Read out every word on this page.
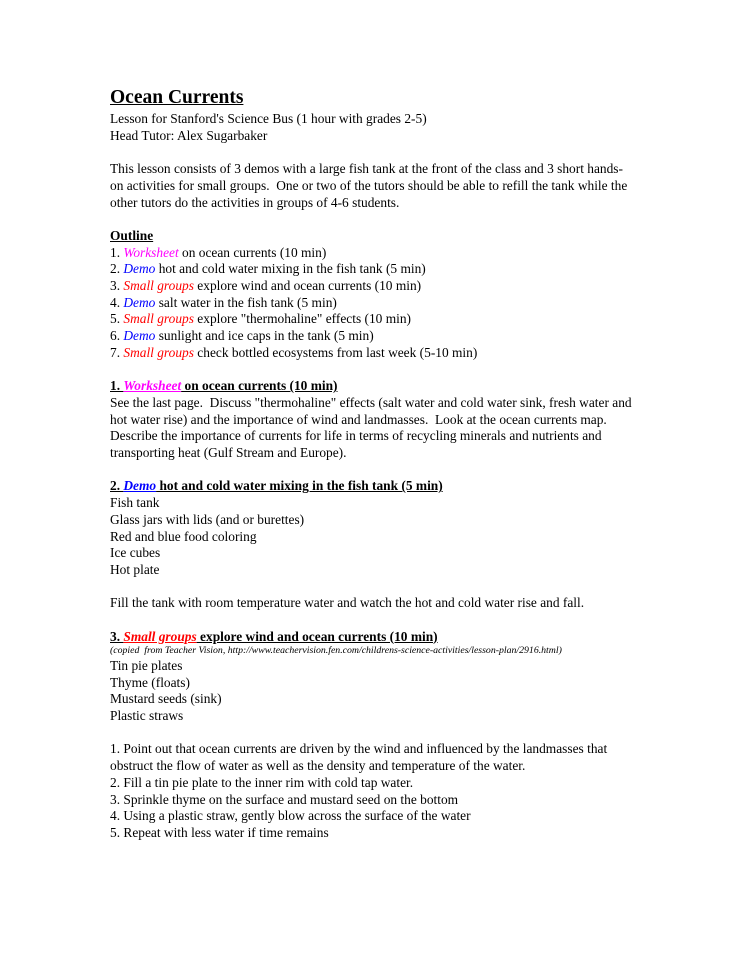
Ocean Currents
Lesson for Stanford's Science Bus (1 hour with grades 2-5)
Head Tutor: Alex Sugarbaker
This lesson consists of 3 demos with a large fish tank at the front of the class and 3 short hands-on activities for small groups.  One or two of the tutors should be able to refill the tank while the other tutors do the activities in groups of 4-6 students.
Outline
1. Worksheet on ocean currents (10 min)
2. Demo hot and cold water mixing in the fish tank (5 min)
3. Small groups explore wind and ocean currents (10 min)
4. Demo salt water in the fish tank (5 min)
5. Small groups explore "thermohaline" effects (10 min)
6. Demo sunlight and ice caps in the tank (5 min)
7. Small groups check bottled ecosystems from last week (5-10 min)
1. Worksheet on ocean currents (10 min)
See the last page.  Discuss "thermohaline" effects (salt water and cold water sink, fresh water and hot water rise) and the importance of wind and landmasses.  Look at the ocean currents map.  Describe the importance of currents for life in terms of recycling minerals and nutrients and transporting heat (Gulf Stream and Europe).
2. Demo hot and cold water mixing in the fish tank (5 min)
Fish tank
Glass jars with lids (and or burettes)
Red and blue food coloring
Ice cubes
Hot plate
Fill the tank with room temperature water and watch the hot and cold water rise and fall.
3. Small groups explore wind and ocean currents (10 min)
(copied  from Teacher Vision, http://www.teachervision.fen.com/childrens-science-activities/lesson-plan/2916.html)
Tin pie plates
Thyme (floats)
Mustard seeds (sink)
Plastic straws
1. Point out that ocean currents are driven by the wind and influenced by the landmasses that obstruct the flow of water as well as the density and temperature of the water.
2. Fill a tin pie plate to the inner rim with cold tap water.
3. Sprinkle thyme on the surface and mustard seed on the bottom
4. Using a plastic straw, gently blow across the surface of the water
5. Repeat with less water if time remains
